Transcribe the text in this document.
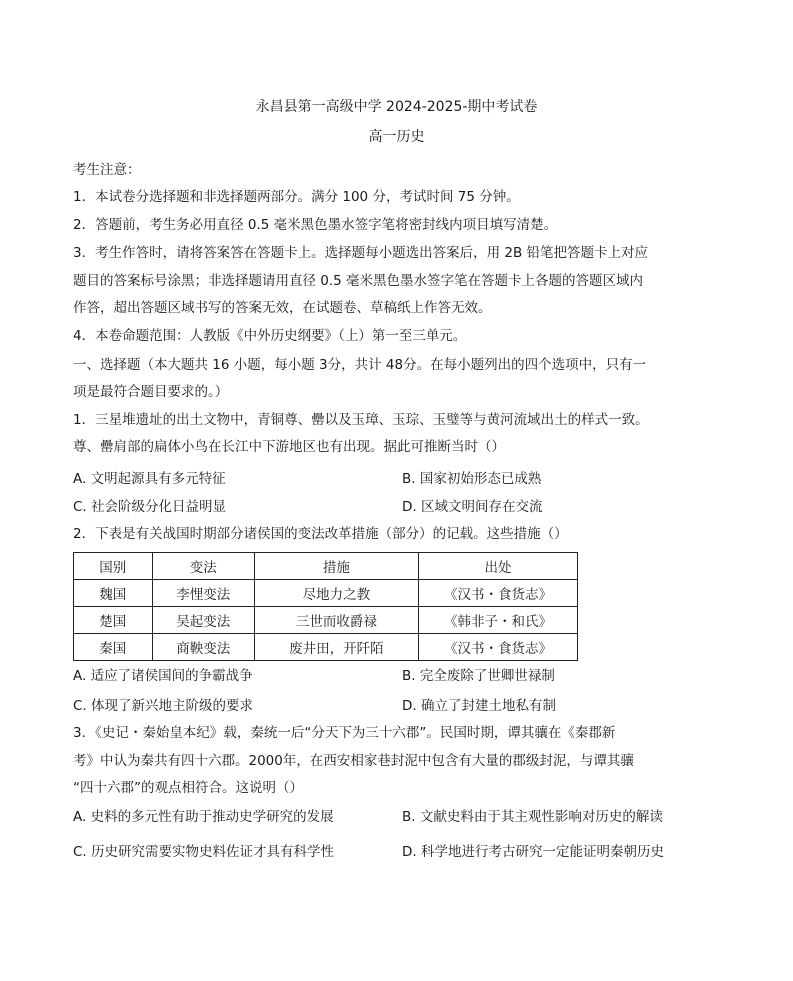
永昌县第一高级中学 2024-2025-期中考试卷
高一历史
考生注意：
1．本试卷分选择题和非选择题两部分。满分 100 分，考试时间 75 分钟。
2．答题前，考生务必用直径 0.5 毫米黑色墨水签字笔将密封线内项目填写清楚。
3．考生作答时，请将答案答在答题卡上。选择题每小题选出答案后，用 2B 铅笔把答题卡上对应
题目的答案标号涂黑；非选择题请用直径 0.5 毫米黑色墨水签字笔在答题卡上各题的答题区域内
作答，超出答题区域书写的答案无效，在试题卷、草稿纸上作答无效。
4．本卷命题范围：人教版《中外历史纲要》（上）第一至三单元。
一、选择题（本大题共 16 小题，每小题 3分，共计 48分。在每小题列出的四个选项中，只有一
项是最符合题目要求的。）
1．三星堆遗址的出土文物中，青铜尊、罍以及玉璋、玉琮、玉璧等与黄河流域出土的样式一致。
尊、罍肩部的扁体小鸟在长江中下游地区也有出现。据此可推断当时（）
A. 文明起源具有多元特征	B. 国家初始形态已成熟
C. 社会阶级分化日益明显	D. 区域文明间存在交流
2．下表是有关战国时期部分诸侯国的变法改革措施（部分）的记载。这些措施（）
国别	变法	措施	出处
魏国	李悝变法	尽地力之教	《汉书・食货志》
楚国	吴起变法	三世而收爵禄	《韩非子・和氏》
秦国	商鞅变法	废井田，开阡陌	《汉书・食货志》
A. 适应了诸侯国间的争霸战争	B. 完全废除了世卿世禄制
C. 体现了新兴地主阶级的要求	D. 确立了封建土地私有制
3．《史记・秦始皇本纪》载，秦统一后“分天下为三十六郡”。民国时期，谭其骧在《秦郡新
考》中认为秦共有四十六郡。2000年，在西安相家巷封泥中包含有大量的郡级封泥，与谭其骧
“四十六郡”的观点相符合。这说明（）
A. 史料的多元性有助于推动史学研究的发展	B. 文献史料由于其主观性影响对历史的解读
C. 历史研究需要实物史料佐证才具有科学性	D. 科学地进行考古研究一定能证明秦朝历史
